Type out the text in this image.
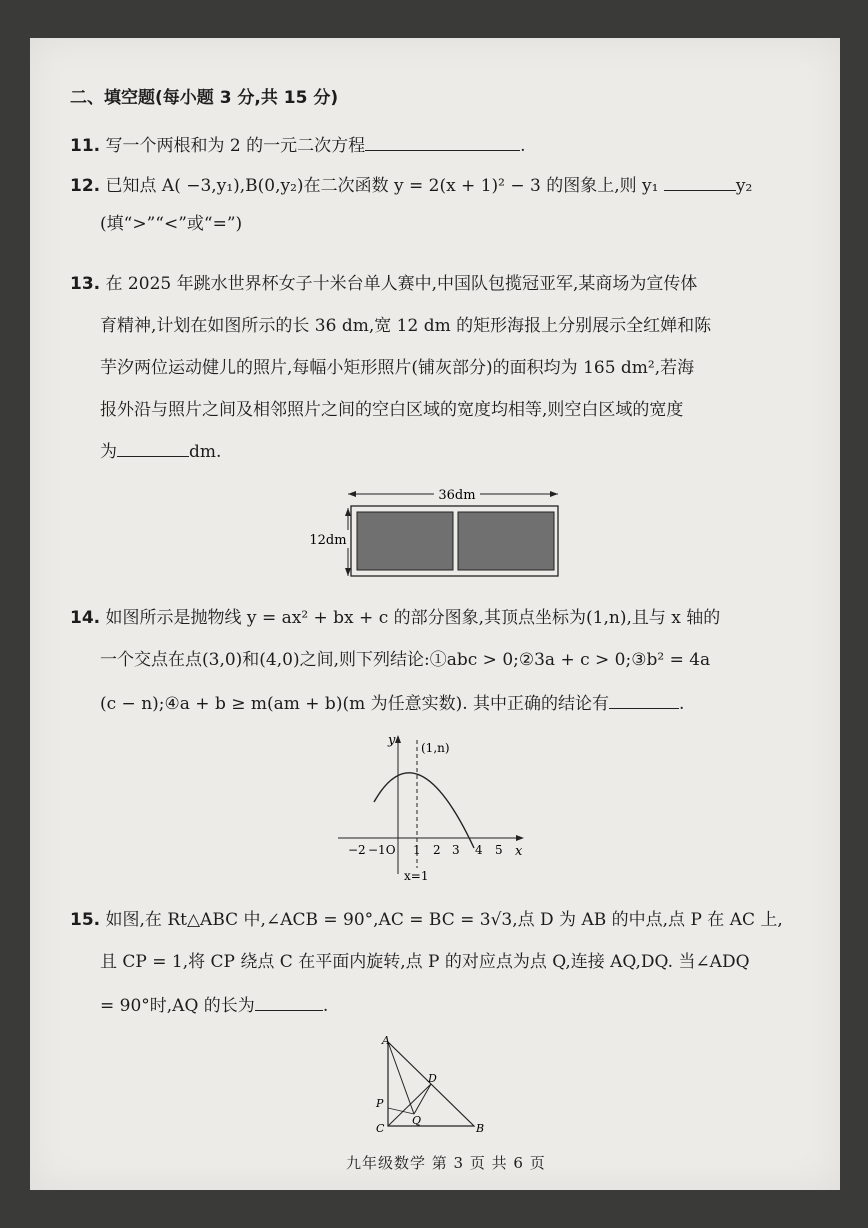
二、填空题(每小题 3 分,共 15 分)
11. 写一个两根和为 2 的一元二次方程	.
12. 已知点 A( −3,y₁),B(0,y₂)在二次函数 y = 2(x + 1)² − 3 的图象上,则 y₁	y₂
(填“>”“<”或“=”)
13. 在 2025 年跳水世界杯女子十米台单人赛中,中国队包揽冠亚军,某商场为宣传体
育精神,计划在如图所示的长 36 dm,宽 12 dm 的矩形海报上分别展示全红婵和陈
芋汐两位运动健儿的照片,每幅小矩形照片(铺灰部分)的面积均为 165 dm²,若海
报外沿与照片之间及相邻照片之间的空白区域的宽度均相等,则空白区域的宽度
为	dm.
36dm
12dm
14. 如图所示是抛物线 y = ax² + bx + c 的部分图象,其顶点坐标为(1,n),且与 x 轴的
一个交点在点(3,0)和(4,0)之间,则下列结论:①abc > 0;②3a + c > 0;③b² = 4a
(c − n);④a + b ≥ m(am + b)(m 为任意实数). 其中正确的结论有	.
y
x
(1,n)
x=1
−2 −1O 1 2 3 4 5
15. 如图,在 Rt△ABC 中,∠ACB = 90°,AC = BC = 3√3,点 D 为 AB 的中点,点 P 在 AC 上,
且 CP = 1,将 CP 绕点 C 在平面内旋转,点 P 的对应点为点 Q,连接 AQ,DQ. 当∠ADQ
= 90°时,AQ 的长为	.
A
B
C
D
P
Q
九年级数学 第 3 页 共 6 页
